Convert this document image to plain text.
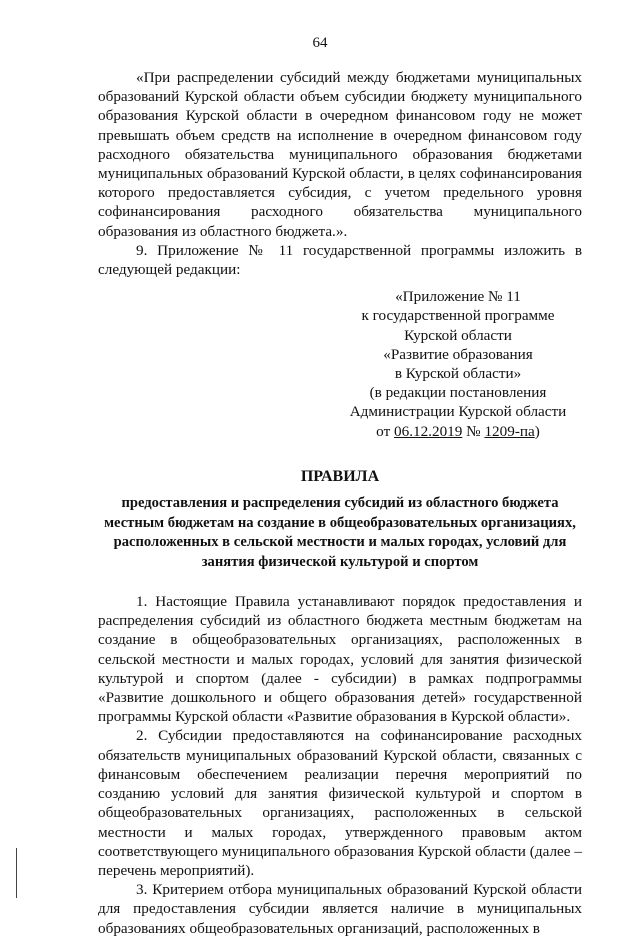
64

«При распределении субсидий между бюджетами муниципальных образований Курской области объем субсидии бюджету муниципального образования Курской области в очередном финансовом году не может превышать объем средств на исполнение в очередном финансовом году расходного обязательства муниципального образования бюджетами муниципальных образований Курской области, в целях софинансирования которого предоставляется субсидия, с учетом предельного уровня софинансирования расходного обязательства муниципального образования из областного бюджета.».

9. Приложение № 11 государственной программы изложить в следующей редакции:

«Приложение № 11
к государственной программе
Курской области
«Развитие образования
в Курской области»
(в редакции постановления
Администрации Курской области
от 06.12.2019 № 1209-па)
ПРАВИЛА
предоставления и распределения субсидий из областного бюджета местным бюджетам на создание в общеобразовательных организациях, расположенных в сельской местности и малых городах, условий для занятия физической культурой и спортом

1. Настоящие Правила устанавливают порядок предоставления и распределения субсидий из областного бюджета местным бюджетам на создание в общеобразовательных организациях, расположенных в сельской местности и малых городах, условий для занятия физической культурой и спортом (далее - субсидии) в рамках подпрограммы «Развитие дошкольного и общего образования детей» государственной программы Курской области «Развитие образования в Курской области».

2. Субсидии предоставляются на софинансирование расходных обязательств муниципальных образований Курской области, связанных с финансовым обеспечением реализации перечня мероприятий по созданию условий для занятия физической культурой и спортом в общеобразовательных организациях, расположенных в сельской местности и малых городах, утвержденного правовым актом соответствующего муниципального образования Курской области (далее – перечень мероприятий).

3. Критерием отбора муниципальных образований Курской области для предоставления субсидии является наличие в муниципальных образованиях общеобразовательных организаций, расположенных в
